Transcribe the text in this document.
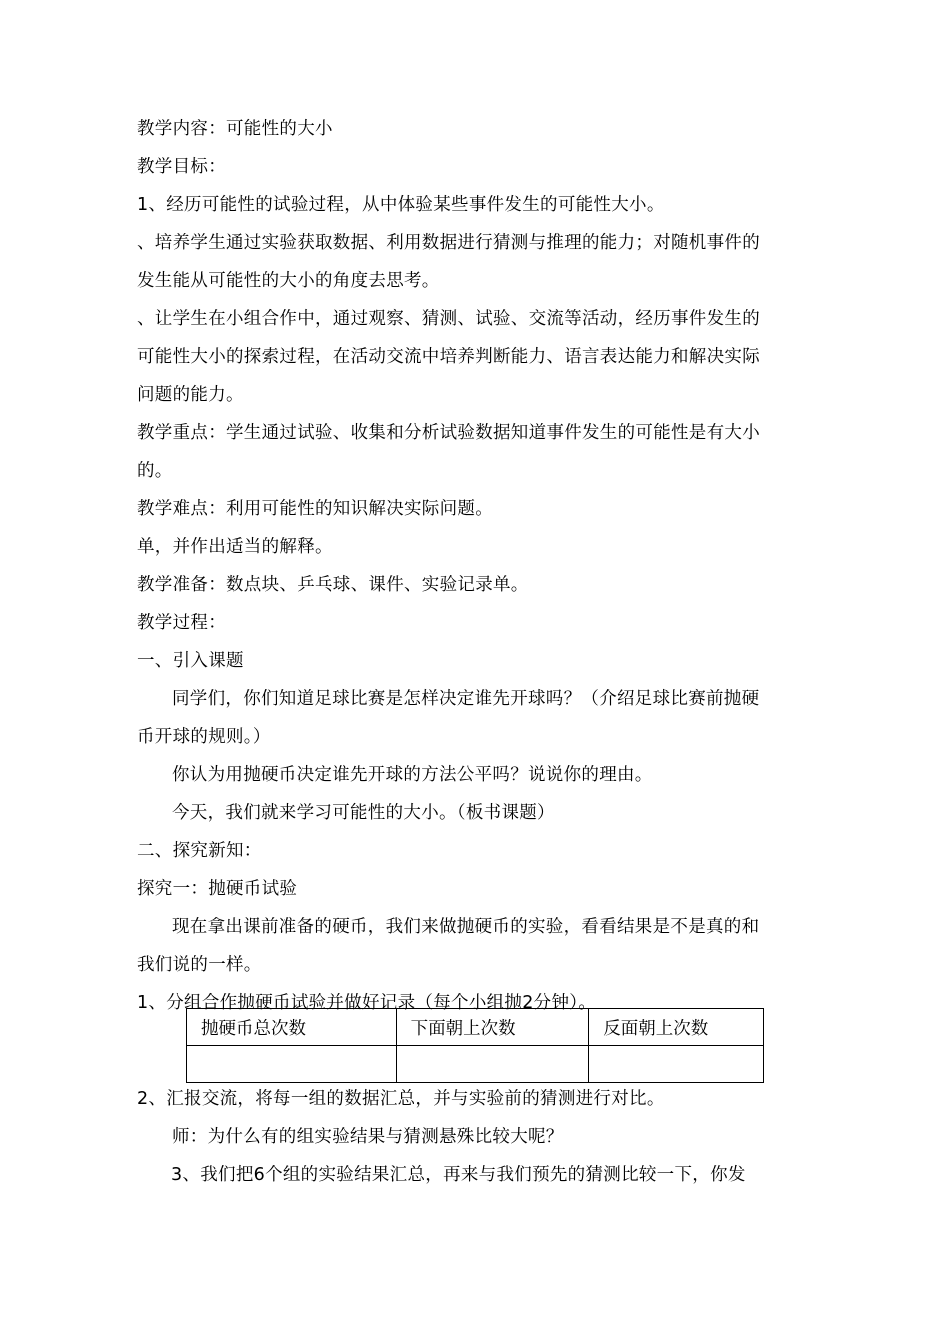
教学内容：可能性的大小
教学目标：
1、经历可能性的试验过程，从中体验某些事件发生的可能性大小。
、培养学生通过实验获取数据、利用数据进行猜测与推理的能力；对随机事件的
发生能从可能性的大小的角度去思考。
、让学生在小组合作中，通过观察、猜测、试验、交流等活动，经历事件发生的
可能性大小的探索过程，在活动交流中培养判断能力、语言表达能力和解决实际
问题的能力。
教学重点：学生通过试验、收集和分析试验数据知道事件发生的可能性是有大小
的。
教学难点：利用可能性的知识解决实际问题。
单，并作出适当的解释。
教学准备：数点块、乒乓球、课件、实验记录单。
教学过程：
一、引入课题
同学们，你们知道足球比赛是怎样决定谁先开球吗？（介绍足球比赛前抛硬
币开球的规则。）
你认为用抛硬币决定谁先开球的方法公平吗？说说你的理由。
今天，我们就来学习可能性的大小。（板书课题）
二、探究新知：
探究一：抛硬币试验
现在拿出课前准备的硬币，我们来做抛硬币的实验，看看结果是不是真的和
我们说的一样。
1、分组合作抛硬币试验并做好记录（每个小组抛2分钟）。
抛硬币总次数	下面朝上次数	反面朝上次数

2、汇报交流，将每一组的数据汇总，并与实验前的猜测进行对比。
师：为什么有的组实验结果与猜测悬殊比较大呢？
3、我们把6个组的实验结果汇总，再来与我们预先的猜测比较一下，你发
